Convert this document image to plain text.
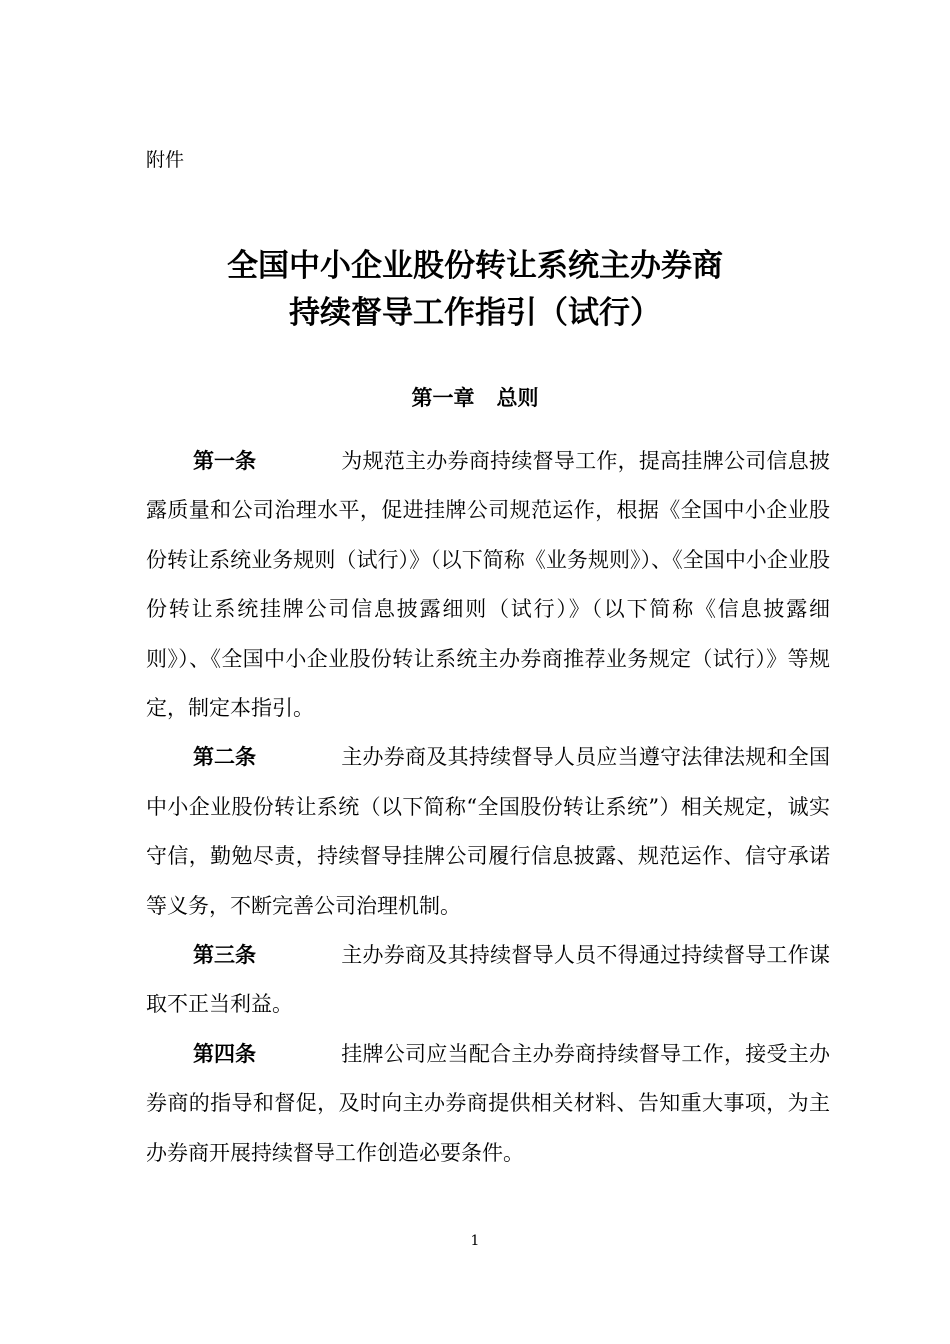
附件
全国中小企业股份转让系统主办券商
持续督导工作指引（试行）
第一章 总则

第一条	为规范主办券商持续督导工作，提高挂牌公司信息披露质量和公司治理水平，促进挂牌公司规范运作，根据《全国中小企业股份转让系统业务规则（试行）》（以下简称《业务规则》）、《全国中小企业股份转让系统挂牌公司信息披露细则（试行）》（以下简称《信息披露细则》）、《全国中小企业股份转让系统主办券商推荐业务规定（试行）》等规定，制定本指引。

第二条	主办券商及其持续督导人员应当遵守法律法规和全国中小企业股份转让系统（以下简称“全国股份转让系统”）相关规定，诚实守信，勤勉尽责，持续督导挂牌公司履行信息披露、规范运作、信守承诺等义务，不断完善公司治理机制。

第三条	主办券商及其持续督导人员不得通过持续督导工作谋取不正当利益。

第四条	挂牌公司应当配合主办券商持续督导工作，接受主办券商的指导和督促，及时向主办券商提供相关材料、告知重大事项，为主办券商开展持续督导工作创造必要条件。

1
